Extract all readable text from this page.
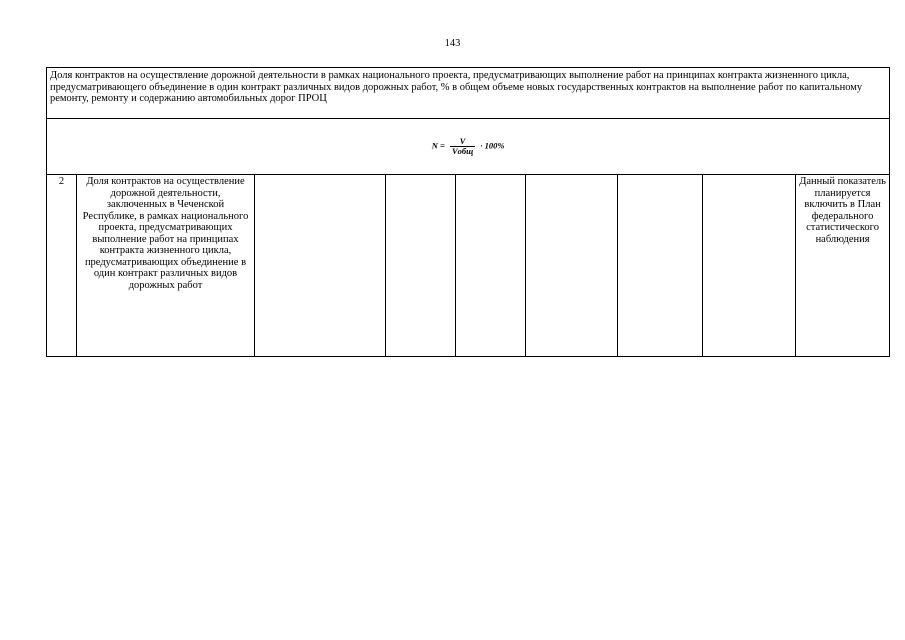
143
Доля контрактов на осуществление дорожной деятельности в рамках национального проекта, предусматривающих выполнение работ на принципах контракта жизненного цикла, предусматривающего объединение в один контракт различных видов дорожных работ, % в общем объеме новых государственных контрактов на выполнение работ по капитальному ремонту, ремонту и содержанию автомобильных дорог ПРОЦ
$N = \frac{V}{\text{Vобщ}} \cdot 100\%$
2	Доля контрактов на осуществление дорожной деятельности, заключенных в Чеченской Республике, в рамках национального проекта, предусматривающих выполнение работ на принципах контракта жизненного цикла, предусматривающих объединение в один контракт различных видов дорожных работ							Данный показатель планируется включить в План федерального статистического наблюдения
